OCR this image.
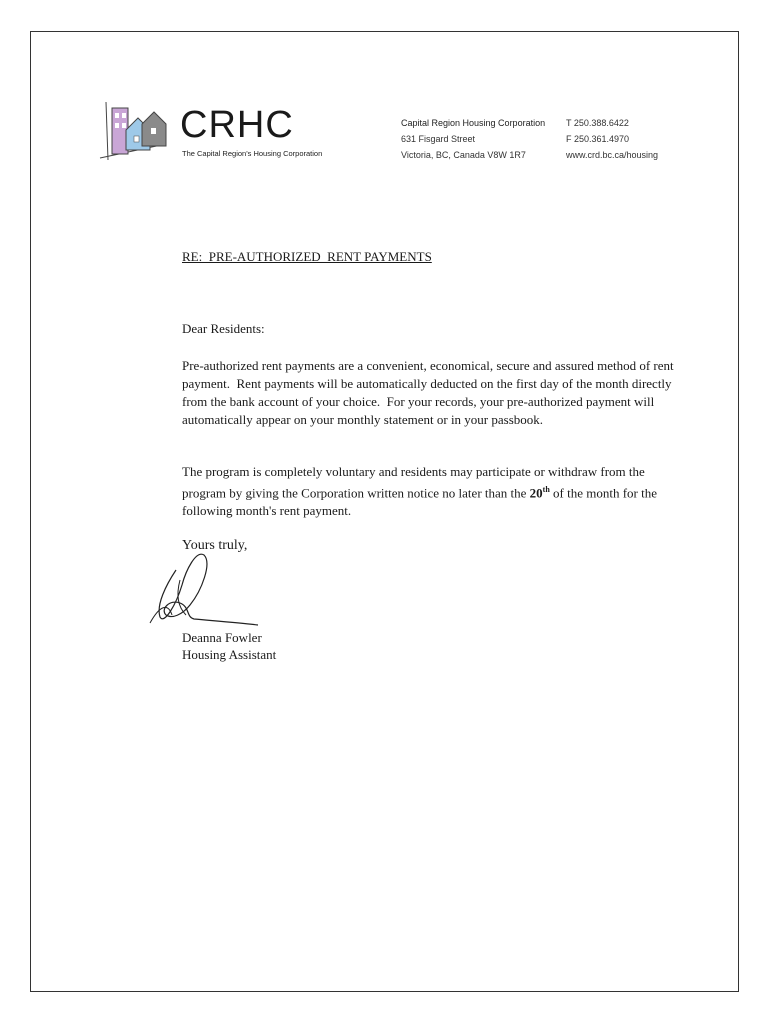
CRHC
The Capital Region's Housing Corporation
Capital Region Housing Corporation
631 Fisgard Street
Victoria, BC, Canada V8W 1R7
T 250.388.6422
F 250.361.4970
www.crd.bc.ca/housing
RE:  PRE-AUTHORIZED  RENT PAYMENTS
Dear Residents:

Pre-authorized rent payments are a convenient, economical, secure and assured method of rent payment.  Rent payments will be automatically deducted on the first day of the month directly from the bank account of your choice.  For your records, your pre-authorized payment will automatically appear on your monthly statement or in your passbook.

The program is completely voluntary and residents may participate or withdraw from the program by giving the Corporation written notice no later than the 20th of the month for the following month's rent payment.

Yours truly,
Deanna Fowler
Housing Assistant
